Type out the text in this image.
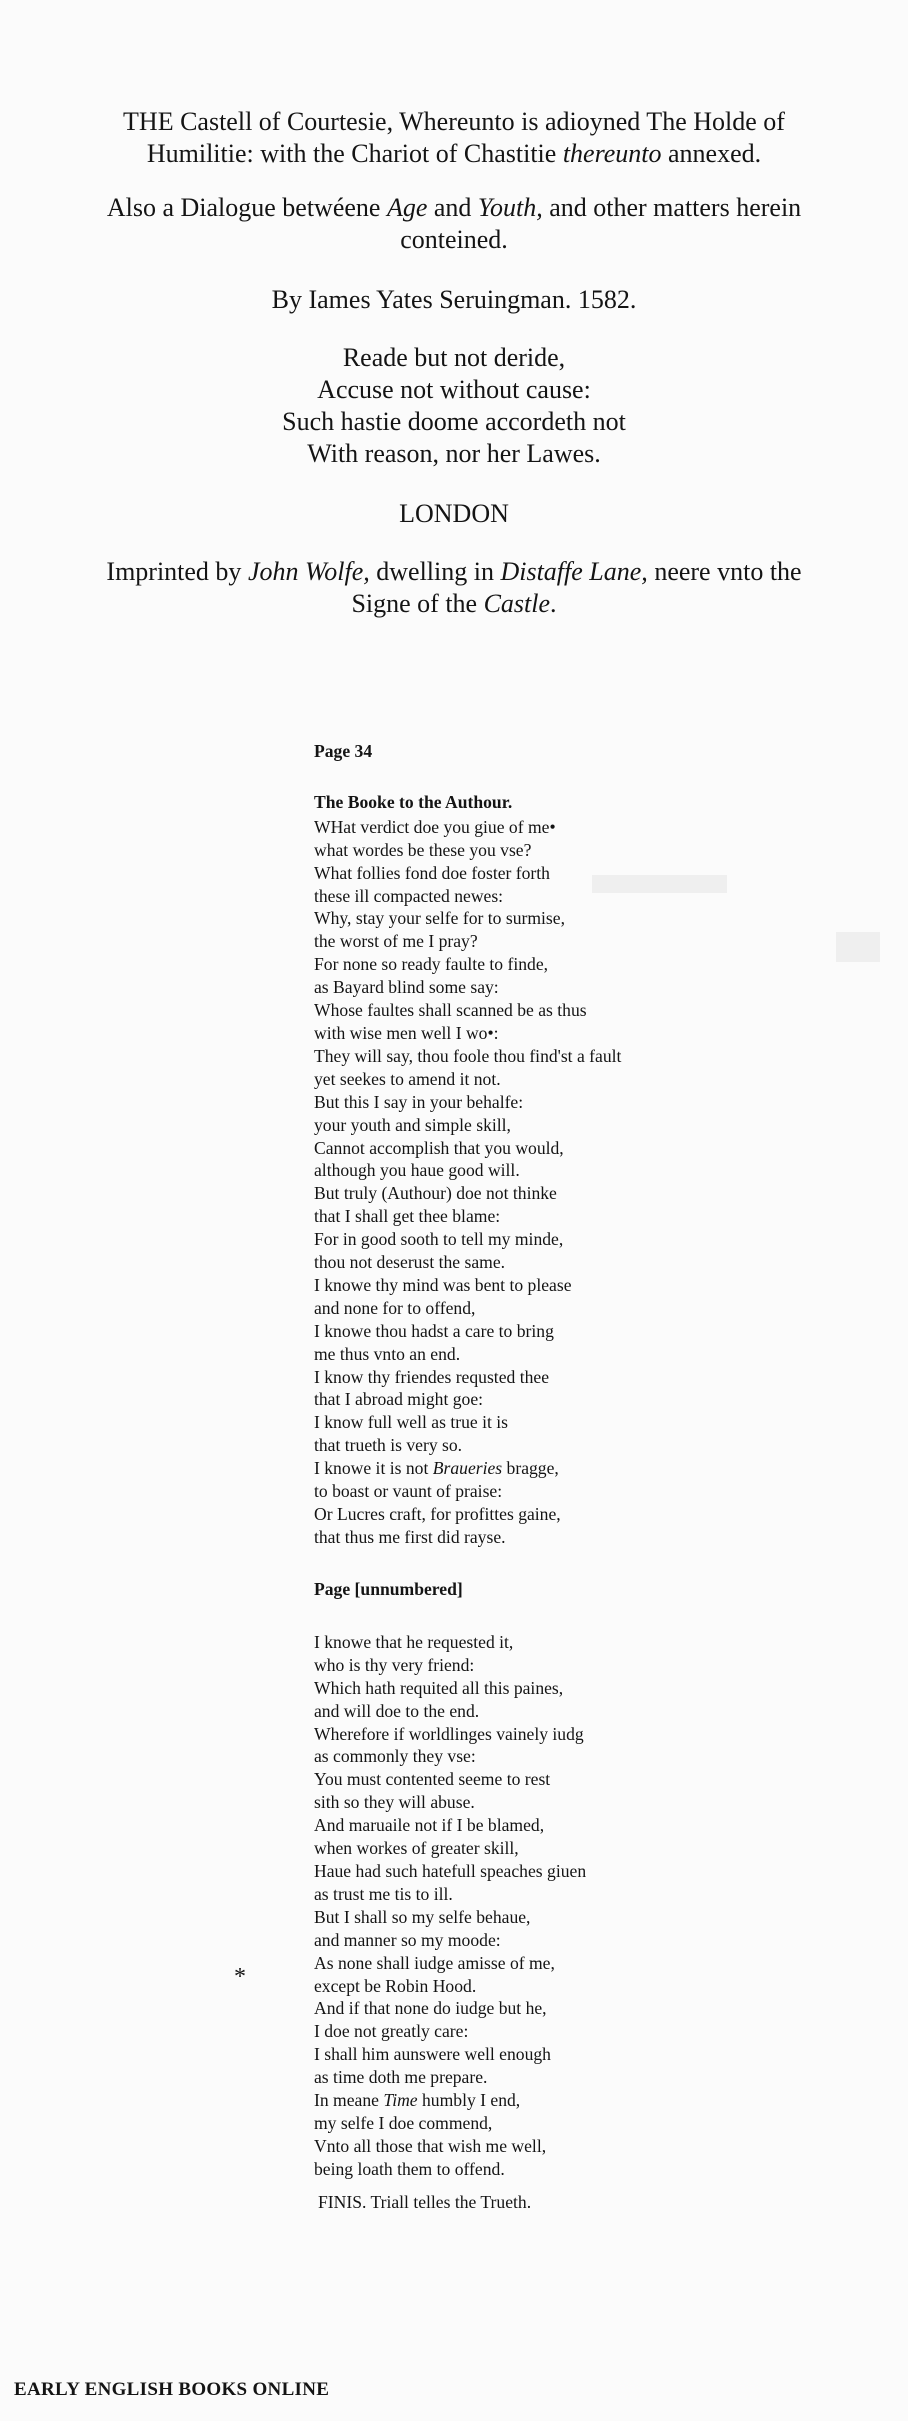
THE Castell of Courtesie, Whereunto is adioyned The Holde of

Humilitie: with the Chariot of Chastitie thereunto annexed.

Also a Dialogue betwéene Age and Youth, and other matters herein

conteined.

By Iames Yates Seruingman. 1582.

Reade but not deride,

Accuse not without cause:

Such hastie doome accordeth not

With reason, nor her Lawes.

LONDON

Imprinted by John Wolfe, dwelling in Distaffe Lane, neere vnto the

Signe of the Castle.

Page 34
The Booke to the Authour.
WHat verdict doe you giue of me•
what wordes be these you vse?
What follies fond doe foster forth
these ill compacted newes:
Why, stay your selfe for to surmise,
the worst of me I pray?
For none so ready faulte to finde,
as Bayard blind some say:
Whose faultes shall scanned be as thus
with wise men well I wo•:
They will say, thou foole thou find'st a fault
yet seekes to amend it not.
But this I say in your behalfe:
your youth and simple skill,
Cannot accomplish that you would,
although you haue good will.
But truly (Authour) doe not thinke
that I shall get thee blame:
For in good sooth to tell my minde,
thou not deserust the same.
I knowe thy mind was bent to please
and none for to offend,
I knowe thou hadst a care to bring
me thus vnto an end.
I know thy friendes requsted thee
that I abroad might goe:
I know full well as true it is
that trueth is very so.
I knowe it is not Braueries bragge,
to boast or vaunt of praise:
Or Lucres craft, for profittes gaine,
that thus me first did rayse.
Page [unnumbered]
I knowe that he requested it,
who is thy very friend:
Which hath requited all this paines,
and will doe to the end.
Wherefore if worldlinges vainely iudg
as commonly they vse:
You must contented seeme to rest
sith so they will abuse.
And maruaile not if I be blamed,
when workes of greater skill,
Haue had such hatefull speaches giuen
as trust me tis to ill.
But I shall so my selfe behaue,
and manner so my moode:
As none shall iudge amisse of me,
except be Robin Hood.
And if that none do iudge but he,
I doe not greatly care:
I shall him aunswere well enough
as time doth me prepare.
In meane Time humbly I end,
my selfe I doe commend,
Vnto all those that wish me well,
being loath them to offend.
*
FINIS. Triall telles the Trueth.
EARLY ENGLISH BOOKS ONLINE
